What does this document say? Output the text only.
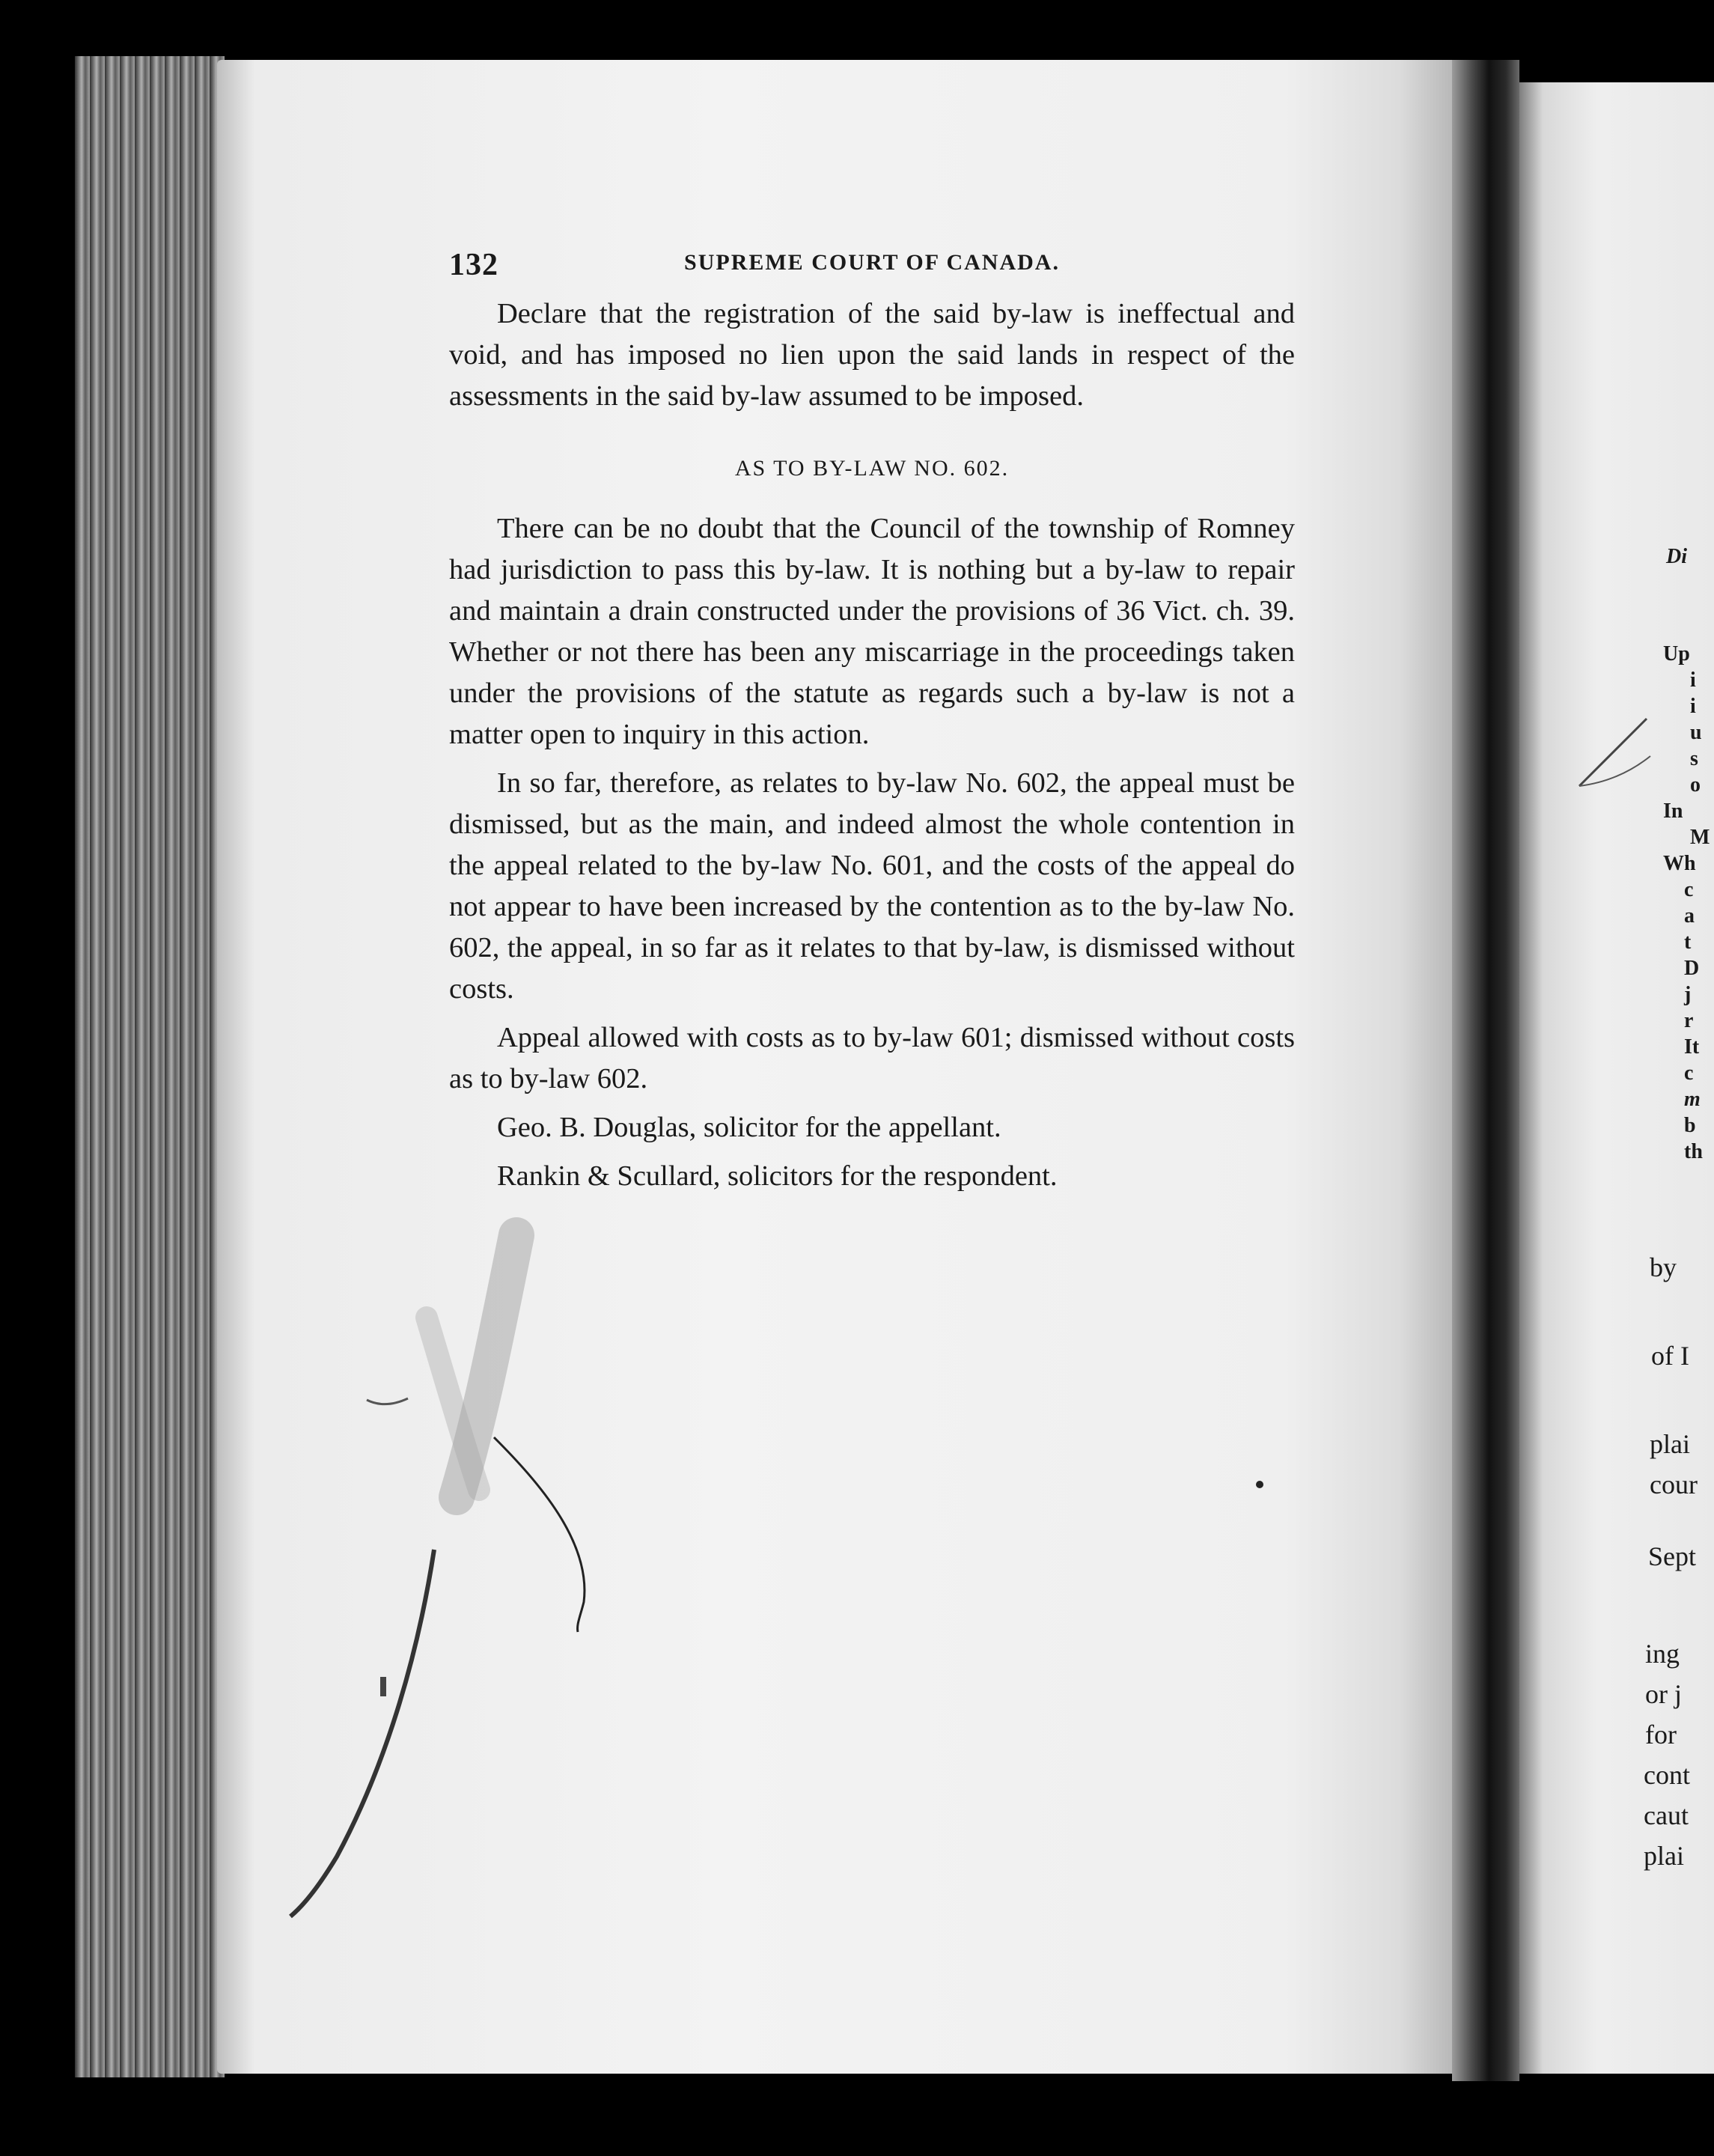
132	SUPREME COURT OF CANADA.

Declare that the registration of the said by-law is ineffectual and void, and has imposed no lien upon the said lands in respect of the assessments in the said by-law assumed to be imposed.

AS TO BY-LAW NO. 602.

There can be no doubt that the Council of the township of Romney had jurisdiction to pass this by-law. It is nothing but a by-law to repair and maintain a drain constructed under the provisions of 36 Vict. ch. 39. Whether or not there has been any miscarriage in the proceedings taken under the provisions of the statute as regards such a by-law is not a matter open to inquiry in this action.

In so far, therefore, as relates to by-law No. 602, the appeal must be dismissed, but as the main, and indeed almost the whole contention in the appeal related to the by-law No. 601, and the costs of the appeal do not appear to have been increased by the contention as to the by-law No. 602, the appeal, in so far as it relates to that by-law, is dismissed without costs.

Appeal allowed with costs as to by-law 601; dismissed without costs as to by-law 602.

Geo. B. Douglas, solicitor for the appellant.

Rankin & Scullard, solicitors for the respondent.

Di
Up
i
i
u
s
o
In
M
Wh
c
a
t
D
j
r
It
c
m
b
th
by
of I
plai
cour
Sept
ing
or j
for
cont
caut
plai
